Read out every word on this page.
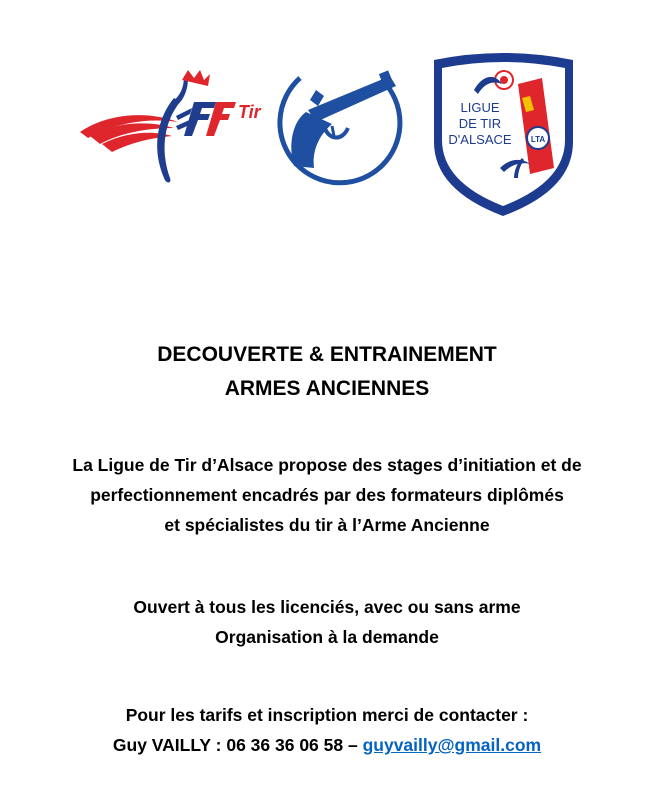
Tir	LIGUE
DE TIR
D'ALSACE LTA
DECOUVERTE & ENTRAINEMENT
ARMES ANCIENNES
La Ligue de Tir d’Alsace propose des stages d’initiation et de
perfectionnement encadrés par des formateurs diplômés
et spécialistes du tir à l’Arme Ancienne
Ouvert à tous les licenciés, avec ou sans arme
Organisation à la demande
Pour les tarifs et inscription merci de contacter :
Guy VAILLY : 06 36 36 06 58 – guyvailly@gmail.com
